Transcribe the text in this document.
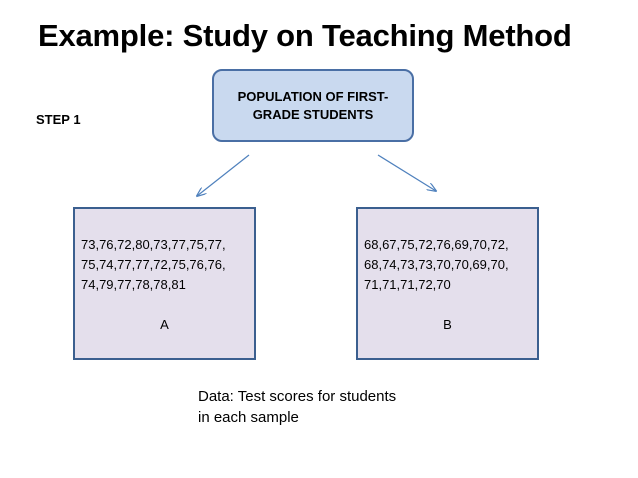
Example: Study on Teaching Method
STEP 1
POPULATION OF FIRST-GRADE STUDENTS
73,76,72,80,73,77,75,77,
75,74,77,77,72,75,76,76,
74,79,77,78,78,81
A
68,67,75,72,76,69,70,72,
68,74,73,73,70,70,69,70,
71,71,71,72,70
B
Data: Test scores for students
in each sample
